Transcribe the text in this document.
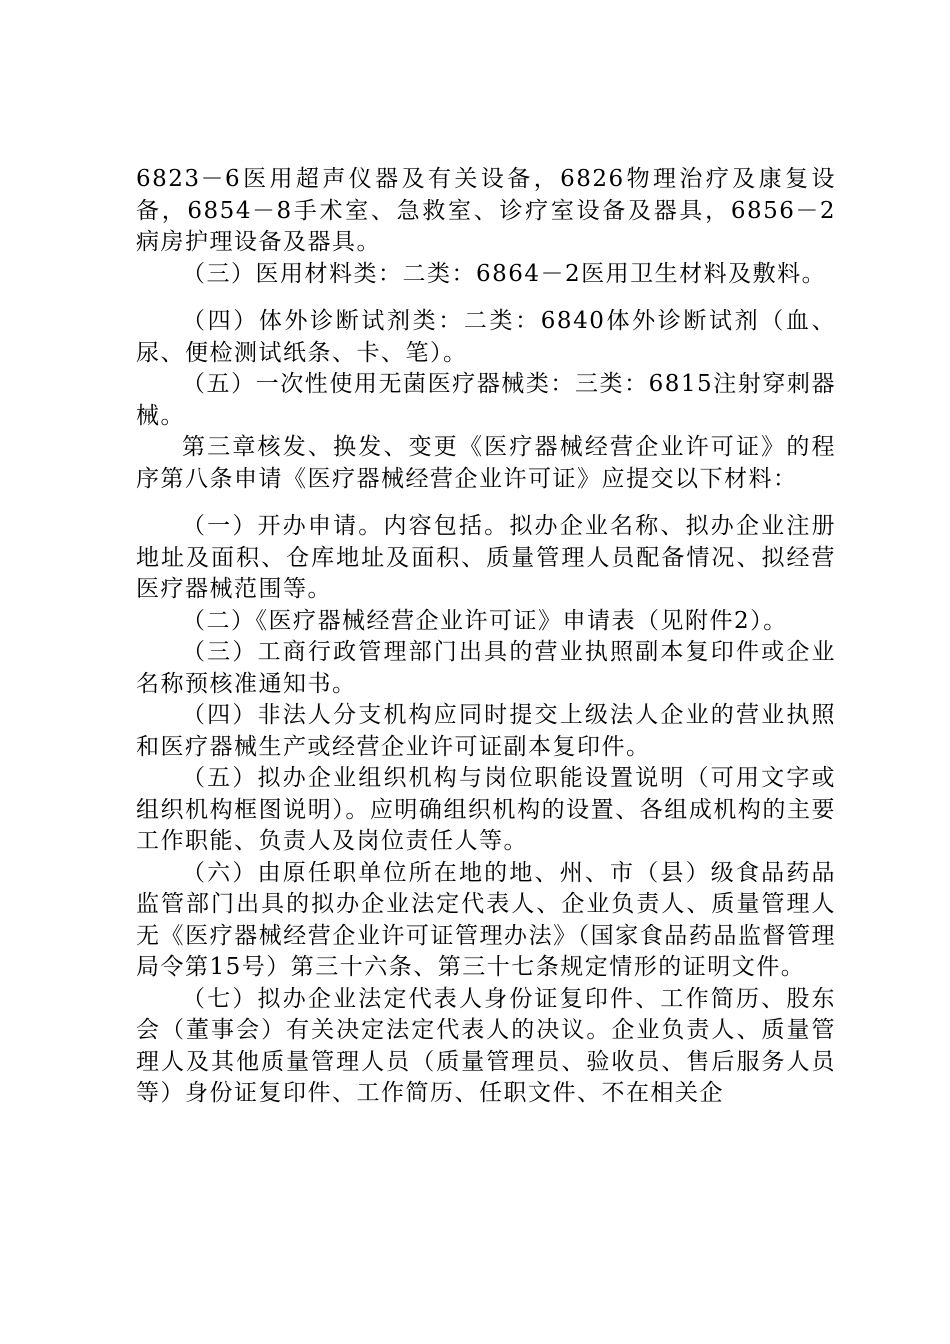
6823－6医用超声仪器及有关设备，6826物理治疗及康复设备，6854－8手术室、急救室、诊疗室设备及器具，6856－2病房护理设备及器具。

（三）医用材料类：二类：6864－2医用卫生材料及敷料。

（四）体外诊断试剂类：二类：6840体外诊断试剂（血、尿、便检测试纸条、卡、笔）。

（五）一次性使用无菌医疗器械类：三类：6815注射穿刺器械。

第三章核发、换发、变更《医疗器械经营企业许可证》的程序第八条申请《医疗器械经营企业许可证》应提交以下材料：

（一）开办申请。内容包括。拟办企业名称、拟办企业注册地址及面积、仓库地址及面积、质量管理人员配备情况、拟经营医疗器械范围等。

（二）《医疗器械经营企业许可证》申请表（见附件2）。

（三）工商行政管理部门出具的营业执照副本复印件或企业名称预核准通知书。

（四）非法人分支机构应同时提交上级法人企业的营业执照和医疗器械生产或经营企业许可证副本复印件。

（五）拟办企业组织机构与岗位职能设置说明（可用文字或组织机构框图说明）。应明确组织机构的设置、各组成机构的主要工作职能、负责人及岗位责任人等。

（六）由原任职单位所在地的地、州、市（县）级食品药品监管部门出具的拟办企业法定代表人、企业负责人、质量管理人无《医疗器械经营企业许可证管理办法》（国家食品药品监督管理局令第15号）第三十六条、第三十七条规定情形的证明文件。

（七）拟办企业法定代表人身份证复印件、工作简历、股东会（董事会）有关决定法定代表人的决议。企业负责人、质量管理人及其他质量管理人员（质量管理员、验收员、售后服务人员等）身份证复印件、工作简历、任职文件、不在相关企
